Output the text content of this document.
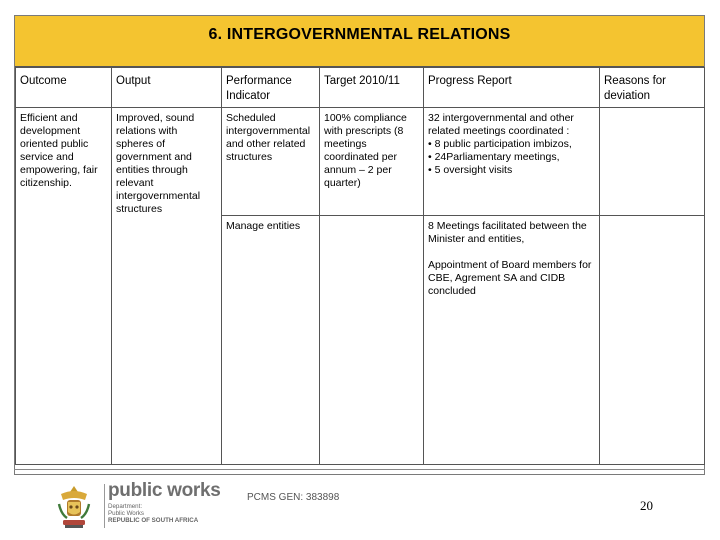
6. INTERGOVERNMENTAL RELATIONS
Outcome	Output	Performance Indicator	Target 2010/11	Progress Report	Reasons for deviation
Efficient and development oriented public service and empowering, fair citizenship.	Improved, sound relations with spheres of government and entities through relevant intergovernmental structures	Scheduled intergovernmental and other related structures	100% compliance with prescripts (8 meetings coordinated per annum – 2 per quarter)	32 intergovernmental and other related meetings coordinated :
• 8 public participation imbizos,
• 24Parliamentary meetings,
• 5 oversight visits	

		Manage entities		8 Meetings facilitated between the Minister and entities,
Appointment of Board members for CBE, Agrement SA and CIDB concluded	

public works
Department:
Public Works
REPUBLIC OF SOUTH AFRICA
PCMS GEN: 383898
20
